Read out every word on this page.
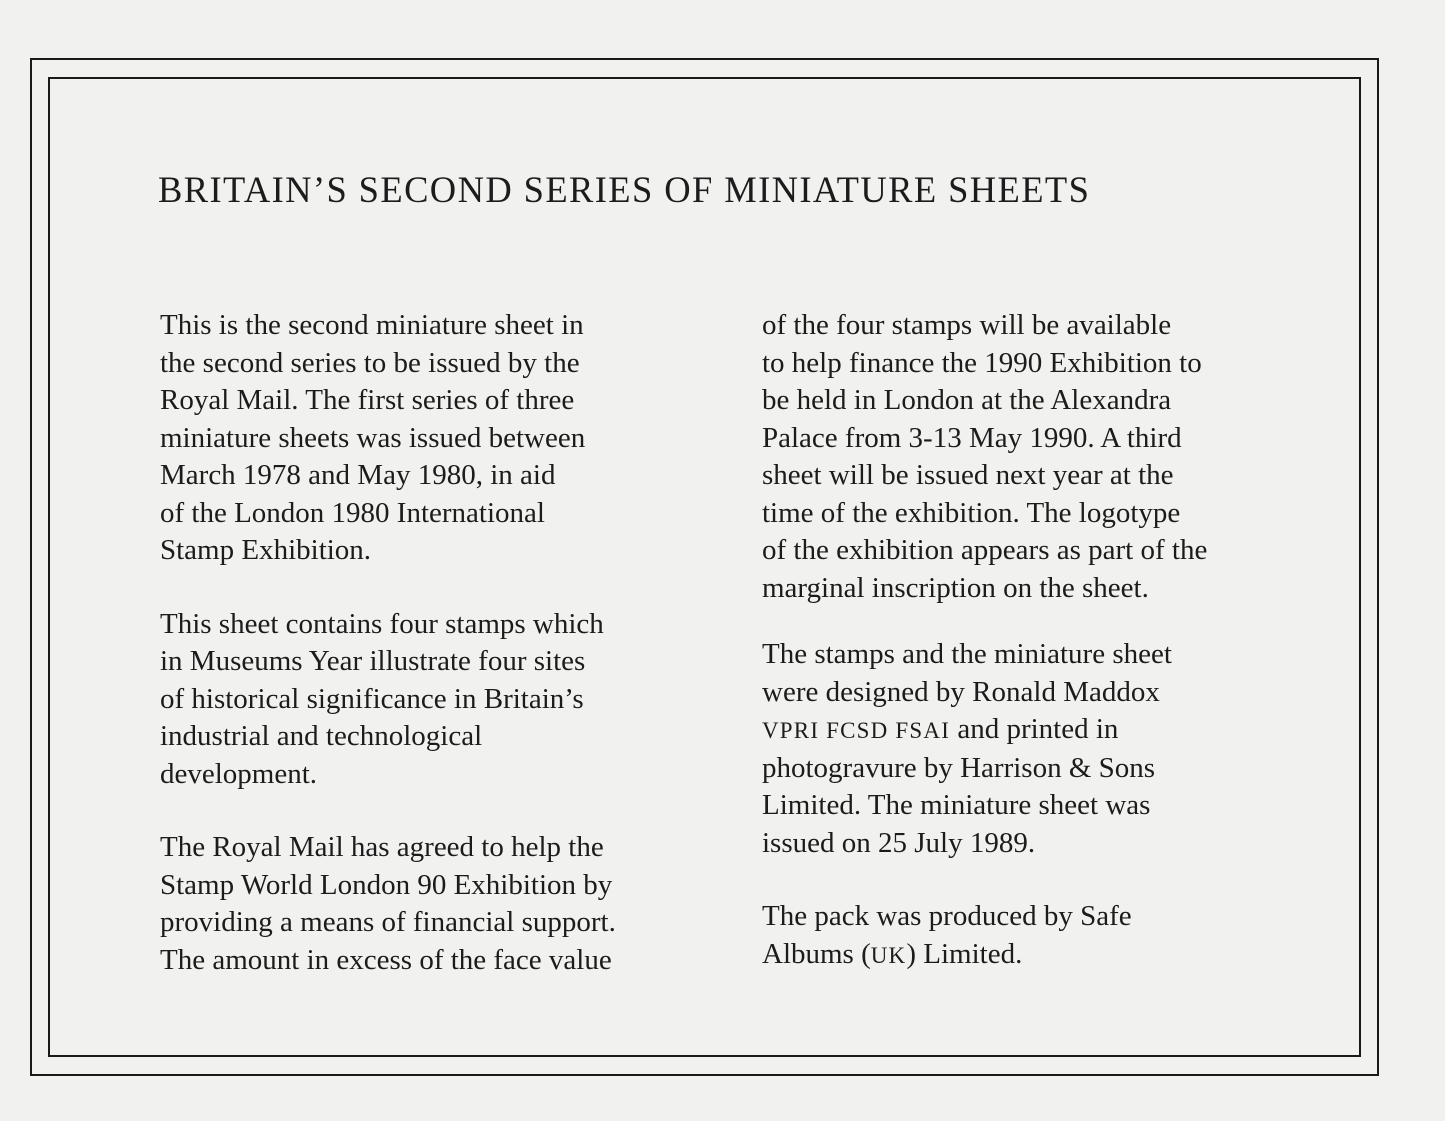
BRITAIN’S SECOND SERIES OF MINIATURE SHEETS

This is the second miniature sheet in
the second series to be issued by the
Royal Mail. The first series of three
miniature sheets was issued between
March 1978 and May 1980, in aid
of the London 1980 International
Stamp Exhibition.

This sheet contains four stamps which
in Museums Year illustrate four sites
of historical significance in Britain’s
industrial and technological
development.

The Royal Mail has agreed to help the
Stamp World London 90 Exhibition by
providing a means of financial support.
The amount in excess of the face value

of the four stamps will be available
to help finance the 1990 Exhibition to
be held in London at the Alexandra
Palace from 3-13 May 1990. A third
sheet will be issued next year at the
time of the exhibition. The logotype
of the exhibition appears as part of the
marginal inscription on the sheet.

The stamps and the miniature sheet
were designed by Ronald Maddox
VPRI FCSD FSAI and printed in
photogravure by Harrison & Sons
Limited. The miniature sheet was
issued on 25 July 1989.

The pack was produced by Safe
Albums (UK) Limited.
